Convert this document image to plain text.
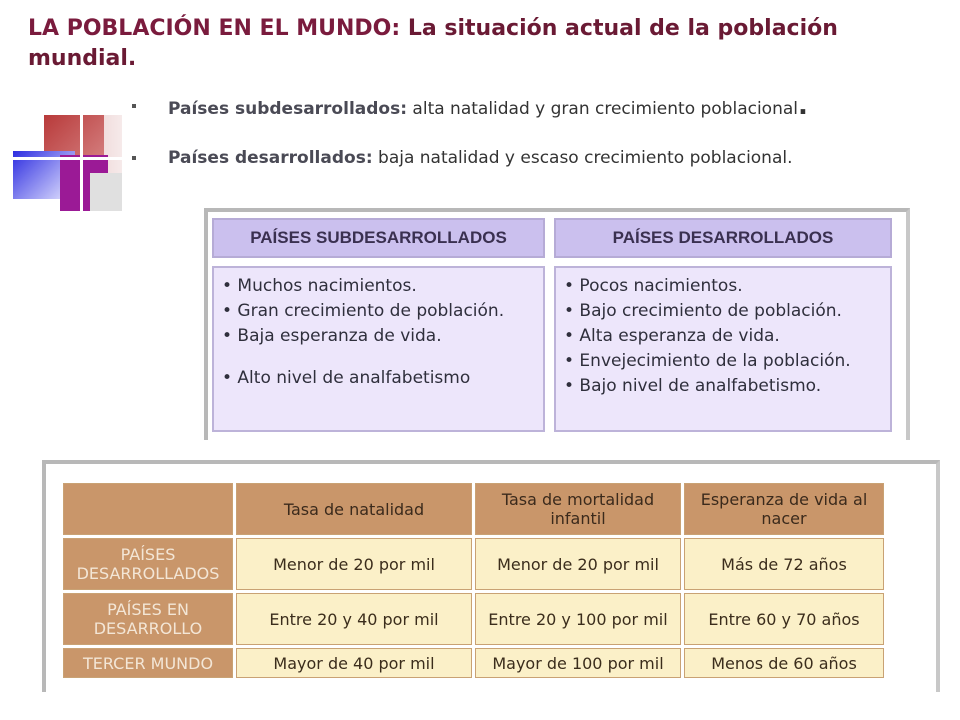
LA POBLACIÓN EN EL MUNDO: La situación actual de la población mundial.
Países subdesarrollados: alta natalidad y gran crecimiento poblacional.
Países desarrollados: baja natalidad y escaso crecimiento poblacional.
PAÍSES SUBDESARROLLADOS
• Muchos nacimientos.
• Gran crecimiento de población.
• Baja esperanza de vida.
• Alto nivel de analfabetismo
PAÍSES DESARROLLADOS
• Pocos nacimientos.
• Bajo crecimiento de población.
• Alta esperanza de vida.
• Envejecimiento de la población.
• Bajo nivel de analfabetismo.
	Tasa de natalidad	Tasa de mortalidad infantil	Esperanza de vida al nacer
PAÍSES DESARROLLADOS	Menor de 20 por mil	Menor de 20 por mil	Más de 72 años
PAÍSES EN DESARROLLO	Entre 20 y 40 por mil	Entre 20 y 100 por mil	Entre 60 y 70 años
TERCER MUNDO	Mayor de 40 por mil	Mayor de 100 por mil	Menos de 60 años
